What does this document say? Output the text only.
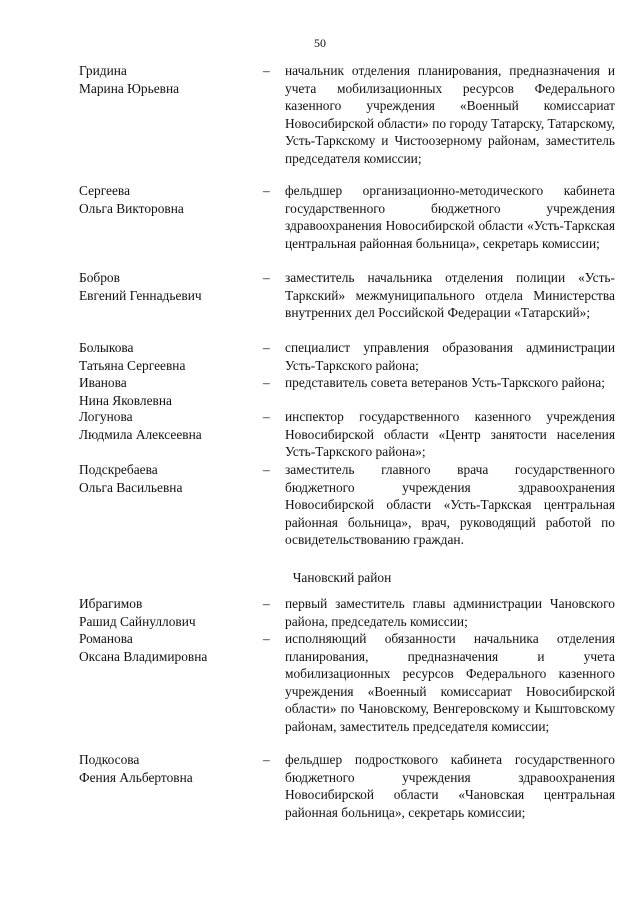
50
Гридина
Марина Юрьевна
– начальник отделения планирования, предназначения и учета мобилизационных ресурсов Федерального казенного учреждения «Военный комиссариат Новосибирской области» по городу Татарску, Татарскому, Усть-Таркскому и Чистоозерному районам, заместитель председателя комиссии;
Сергеева
Ольга Викторовна
– фельдшер организационно-методического кабинета государственного бюджетного учреждения здравоохранения Новосибирской области «Усть-Таркская центральная районная больница», секретарь комиссии;
Бобров
Евгений Геннадьевич
– заместитель начальника отделения полиции «Усть-Таркский» межмуниципального отдела Министерства внутренних дел Российской Федерации «Татарский»;
Болыкова
Татьяна Сергеевна
– специалист управления образования администрации Усть-Таркского района;
Иванова
Нина Яковлевна
– представитель совета ветеранов Усть-Таркского района;
Логунова
Людмила Алексеевна
– инспектор государственного казенного учреждения Новосибирской области «Центр занятости населения Усть-Таркского района»;
Подскребаева
Ольга Васильевна
– заместитель главного врача государственного бюджетного учреждения здравоохранения Новосибирской области «Усть-Таркская центральная районная больница», врач, руководящий работой по освидетельствованию граждан.
Чановский район
Ибрагимов
Рашид Сайнуллович
– первый заместитель главы администрации Чановского района, председатель комиссии;
Романова
Оксана Владимировна
– исполняющий обязанности начальника отделения планирования, предназначения и учета мобилизационных ресурсов Федерального казенного учреждения «Военный комиссариат Новосибирской области» по Чановскому, Венгеровскому и Кыштовскому районам, заместитель председателя комиссии;
Подкосова
Фения Альбертовна
– фельдшер подросткового кабинета государственного бюджетного учреждения здравоохранения Новосибирской области «Чановская центральная районная больница», секретарь комиссии;
